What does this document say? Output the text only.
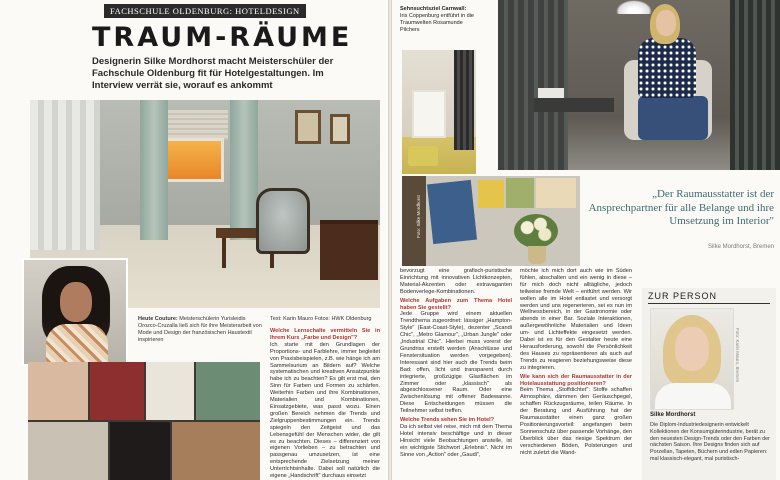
FACHSCHULE OLDENBURG: HOTELDESIGN
TRAUM-RÄUME
Designerin Silke Mordhorst macht Meisterschüler der Fachschule Oldenburg fit für Hotelgestaltungen. Im Interview verrät sie, worauf es ankommt
Heute Couture: Meisterschülerin Yurisleidis Orozco-Cruzalla ließ sich für ihre Meisterarbeit von Mode und Design der französischen Haustextil inspirieren
Text: Karin Mauro Fotos: HWK Oldenburg
Welche Lernschalte vermitteln Sie in Ihrem Kurs „Farbe und Design"?
Ich starte mit den Grundlagen der Proportions- und Farblehre, immer begleitet von Praxisbeispielen, z.B. wie hänge ich am Sammelsurium an Bildern auf? Welche systematischen und kreativen Ansatzpunkte habe ich zu beachten? Es gilt erst mal, den Sinn für Farben und Formen zu schärfen. Weiterhin Farben und ihre Kombinationen, Materialien und Kombinationen, Einsatzgebiete, was passt wozu. Einen großen Bereich nehmen die Trends und Zielgruppenbestimmungen ein. Trends spiegeln den Zeitgeist und das Lebensgefühl der Menschen wider, die gilt es zu beachten. Dieses – differenziert von eigenen Vorlieben – zu betrachten und passgenau umzusetzen, ist eine entsprechende Zielsetzung meiner Unterrichtsinhalte. Dabei soll natürlich die eigene „Handschrift" durchaus einsetzt
Sehnsuchtsziel Carnwall: Iris Coppenburg entführt in die Traumwelten Rosamunde Pilchers
Foto: Silke Mordhorst
„Der Raumausstatter ist der Ansprechpartner für alle Belange und ihre Umsetzung im Interior"
Silke Mordhorst, Bremen
bevorzugt eine grafisch-puristische Einrichtung mit innovativen Lichtkonzepten, Material-Akzenten oder extravaganten Bodenverlege-Kombinationen.
Welche Aufgaben zum Thema Hotel haben Sie gestellt?
Jede Gruppe wird einem aktuellen Trendthema zugeordnet: lässiger „Hampton-Style" (East-Coast-Style), dezenter „Scandi Chic", „Metro Glamour", „Urban Jungle" oder „Industrial Chic". Hierbei muss vorerst der Grundriss erstellt werden (Anschlüsse und Fenstersituation werden vorgegeben). Interessant sind hier auch die Trends beim Bad: offen, licht und transparent durch integrierte, großzügige Glasflächen im Zimmer oder „klassisch" als abgeschlossener Raum. Oder eine Zwischenlösung mit offener Badewanne. Diese Entscheidungen müssen die Teilnehmer selbst treffen.
Welche Trends sehen Sie im Hotel?
Da ich selbst viel reise, mich mit dem Thema Hotel intensiv beschäftige und in dieser Hinsicht viele Beobachtungen anstelle, ist ein wichtigste Stichwort „Erlebnis". Nicht im Sinne von „Action" oder „Gaudi",
möchte ich mich dort auch wie im Süden fühlen, abschalten und ein wenig in diese – für mich doch nicht alltägliche, jedoch teilweise fremde Welt – entführt werden. Wir wollen alle im Hotel entlastet und versorgt werden und uns regenerieren, sei es nun im Wellnessbereich, in der Gastronomie oder abends in einer Bar. Soziale Interaktionen, außergewöhnliche Materialien und Ideen um- und Lichteffekte eingesetzt werden. Dabei ist es für den Gestalter heute eine Herausforderung, sowohl die Persönlichkeit des Hauses zu repräsentieren als auch auf Trends zu reagieren beziehungsweise diese zu integrieren.
Wie kann sich der Raumausstatter in der Hotelausstattung positionieren?
Beim Thema „Stoffdichtet": Stoffe schaffen Atmosphäre, dämmen den Geräuschpegel, schaffen Rückzugsräume, teilen Räume. In der Beratung und Ausführung hat der Raumausstatter einen ganz großen Positionierungsvorteil: angefangen beim Sonnenschutz über passende Vorhänge, den Überblick über das riesige Spektrum der verschiedenen Böden, Polsterungen und nicht zuletzt die Wand-
ZUR PERSON
Foto: Karin Mauro, Bremen
Silke Mordhorst
Die Diplom-Industriedesignerin entwickelt Kollektionen der Konsumgüterindustrie, berät zu den neuesten Design-Trends oder den Farben der nächsten Saison. Ihre Designs finden sich auf Porzellan, Tapeten, Büchern und edlen Papieren: mal klassisch-elegant, mal puristisch-
